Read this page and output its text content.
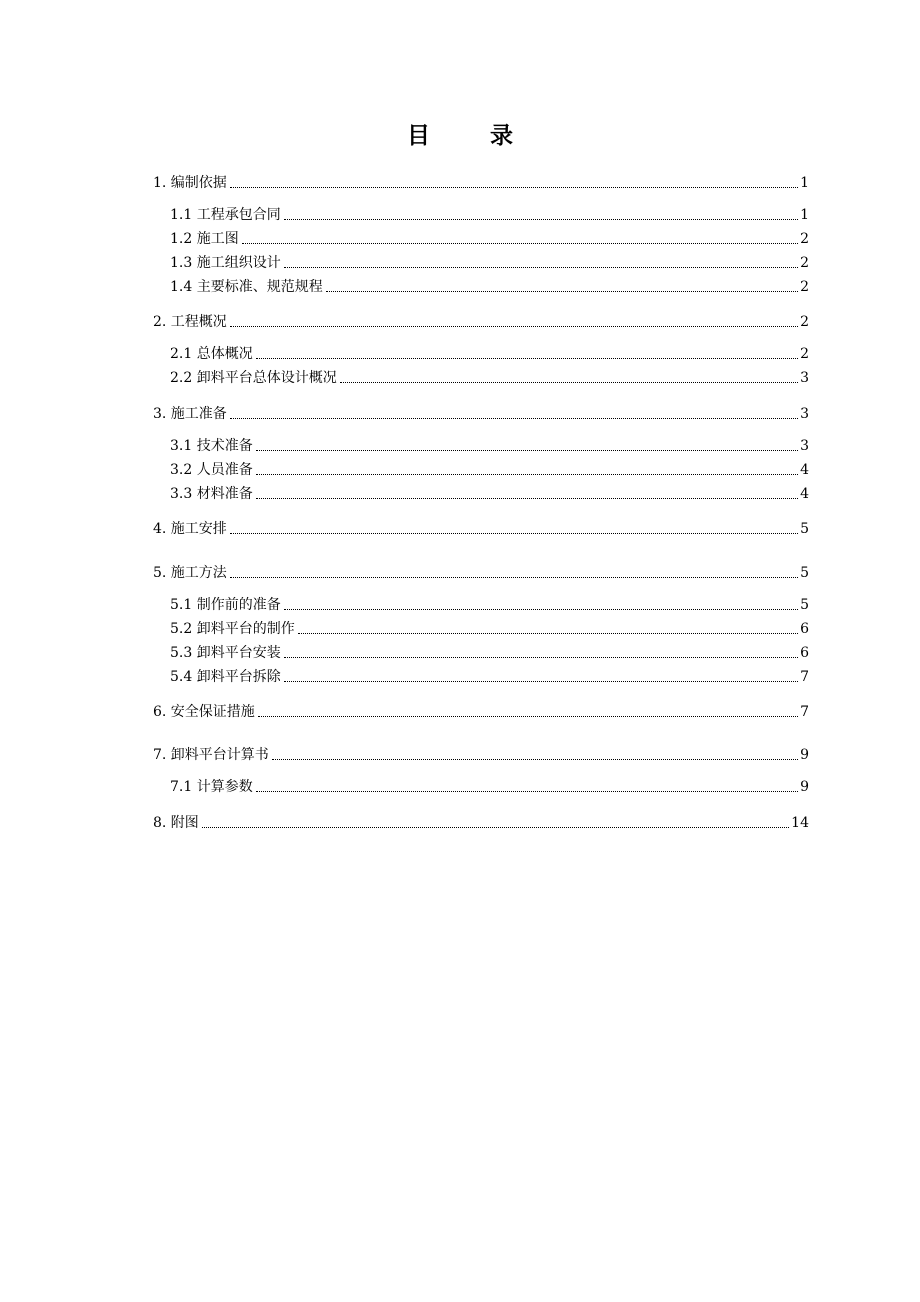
目 录
1. 编制依据	1
1.1 工程承包合同	1
1.2 施工图	2
1.3 施工组织设计	2
1.4 主要标准、规范规程	2
2. 工程概况	2
2.1 总体概况	2
2.2 卸料平台总体设计概况	3
3. 施工准备	3
3.1 技术准备	3
3.2 人员准备	4
3.3 材料准备	4
4. 施工安排	5
5. 施工方法	5
5.1 制作前的准备	5
5.2 卸料平台的制作	6
5.3 卸料平台安装	6
5.4 卸料平台拆除	7
6. 安全保证措施	7
7. 卸料平台计算书	9
7.1 计算参数	9
8. 附图	14
